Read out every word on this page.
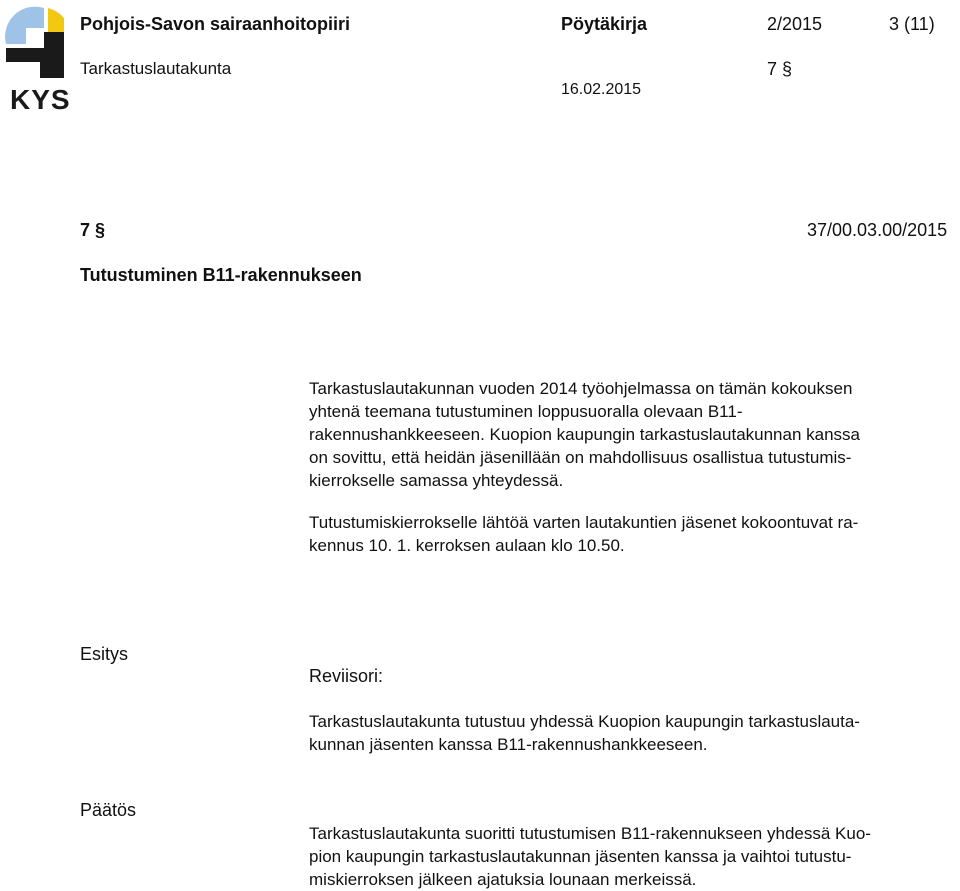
KYS
Pohjois-Savon sairaanhoitopiiri	Pöytäkirja	2/2015	3 (11)
Tarkastuslautakunta	7 §
16.02.2015
7 §	37/00.03.00/2015
Tutustuminen B11-rakennukseen
Tarkastuslautakunnan vuoden 2014 työohjelmassa on tämän kokouksen
yhtenä teemana tutustuminen loppusuoralla olevaan B11-
rakennushankkeeseen. Kuopion kaupungin tarkastuslautakunnan kanssa
on sovittu, että heidän jäsenillään on mahdollisuus osallistua tutustumis-
kierrokselle samassa yhteydessä.
Tutustumiskierrokselle lähtöä varten lautakuntien jäsenet kokoontuvat ra-
kennus 10. 1. kerroksen aulaan klo 10.50.
Esitys
Reviisori:
Tarkastuslautakunta tutustuu yhdessä Kuopion kaupungin tarkastuslauta-
kunnan jäsenten kanssa B11-rakennushankkeeseen.
Päätös
Tarkastuslautakunta suoritti tutustumisen B11-rakennukseen yhdessä Kuo-
pion kaupungin tarkastuslautakunnan jäsenten kanssa ja vaihtoi tutustu-
miskierroksen jälkeen ajatuksia lounaan merkeissä.
